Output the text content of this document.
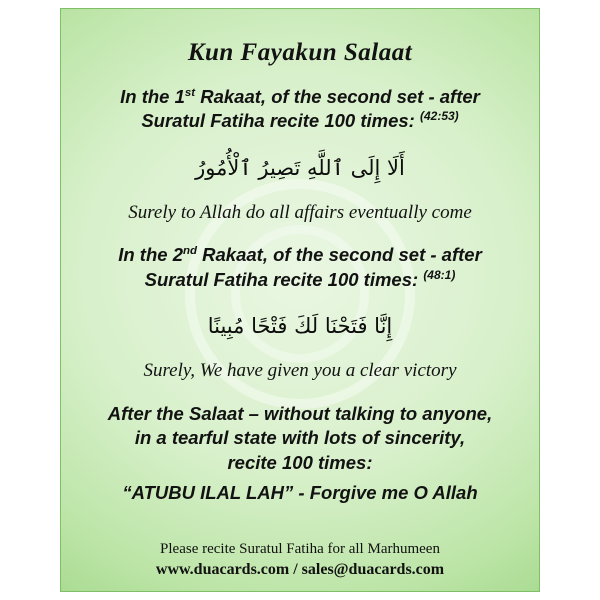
Kun Fayakun Salaat
In the 1st Rakaat, of the second set - after
Suratul Fatiha recite 100 times: $^{(42:53)}$
أَلَا إِلَى ٱللَّهِ تَصِيرُ ٱلْأُمُورُ
Surely to Allah do all affairs eventually come
In the 2nd Rakaat, of the second set - after
Suratul Fatiha recite 100 times: $^{(48:1)}$
إِنَّا فَتَحْنَا لَكَ فَتْحًا مُبِينًا
Surely, We have given you a clear victory
After the Salaat – without talking to anyone,
in a tearful state with lots of sincerity,
recite 100 times:
“ATUBU ILAL LAH” - Forgive me O Allah
Please recite Suratul Fatiha for all Marhumeen
www.duacards.com / sales@duacards.com
